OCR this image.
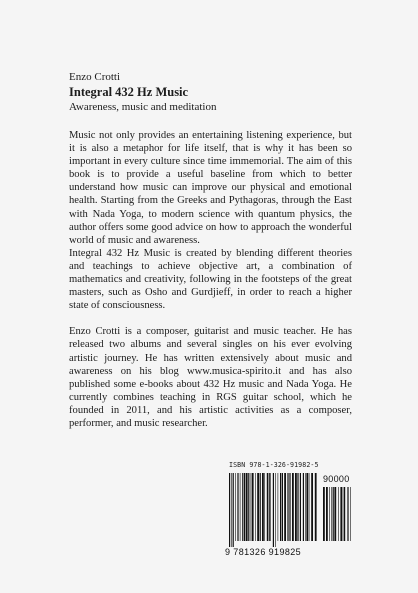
Enzo Crotti

Integral 432 Hz Music

Awareness, music and meditation

Music not only provides an entertaining listening experience, but it is also a metaphor for life itself, that is why it has been so important in every culture since time immemorial. The aim of this book is to provide a useful baseline from which to better understand how music can improve our physical and emotional health. Starting from the Greeks and Pythagoras, through the East with Nada Yoga, to modern science with quantum physics, the author offers some good advice on how to approach the wonderful world of music and awareness.

Integral 432 Hz Music is created by blending different theories and teachings to achieve objective art, a combination of mathematics and creativity, following in the footsteps of the great masters, such as Osho and Gurdjieff, in order to reach a higher state of consciousness.

Enzo Crotti is a composer, guitarist and music teacher. He has released two albums and several singles on his ever evolving artistic journey. He has written extensively about music and awareness on his blog www.musica-spirito.it and has also published some e-books about 432 Hz music and Nada Yoga. He currently combines teaching in RGS guitar school, which he founded in 2011, and his artistic activities as a composer, performer, and music researcher.

ISBN 978-1-326-91982-5
90000
9 781326 919825
